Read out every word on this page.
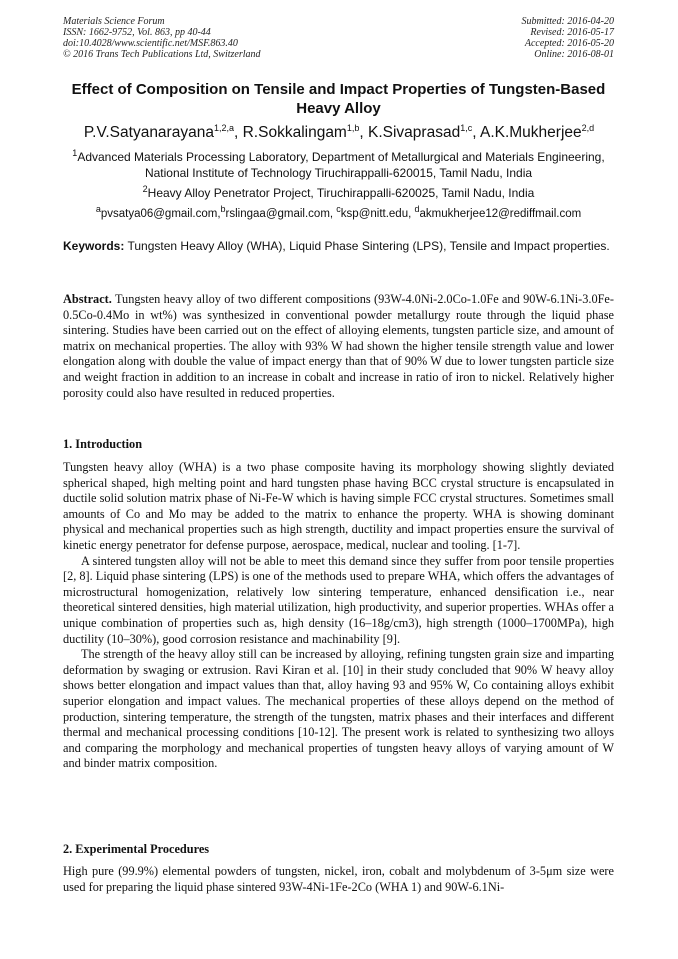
Materials Science Forum
ISSN: 1662-9752, Vol. 863, pp 40-44
doi:10.4028/www.scientific.net/MSF.863.40
© 2016 Trans Tech Publications Ltd, Switzerland
Submitted: 2016-04-20
Revised: 2016-05-17
Accepted: 2016-05-20
Online: 2016-08-01
Effect of Composition on Tensile and Impact Properties of Tungsten-Based Heavy Alloy
P.V.Satyanarayana$^{1,2,a}$, R.Sokkalingam$^{1,b}$, K.Sivaprasad$^{1,c}$, A.K.Mukherjee$^{2,d}$
$^1$Advanced Materials Processing Laboratory, Department of Metallurgical and Materials Engineering, National Institute of Technology Tiruchirappalli-620015, Tamil Nadu, India
$^2$Heavy Alloy Penetrator Project, Tiruchirappalli-620025, Tamil Nadu, India
$^a$pvsatya06@gmail.com,$^b$rslingaa@gmail.com, $^c$ksp@nitt.edu, $^d$akmukherjee12@rediffmail.com
Keywords: Tungsten Heavy Alloy (WHA), Liquid Phase Sintering (LPS), Tensile and Impact properties.

Abstract. Tungsten heavy alloy of two different compositions (93W-4.0Ni-2.0Co-1.0Fe and 90W-6.1Ni-3.0Fe-0.5Co-0.4Mo in wt%) was synthesized in conventional powder metallurgy route through the liquid phase sintering. Studies have been carried out on the effect of alloying elements, tungsten particle size, and amount of matrix on mechanical properties. The alloy with 93% W had shown the higher tensile strength value and lower elongation along with double the value of impact energy than that of 90% W due to lower tungsten particle size and weight fraction in addition to an increase in cobalt and increase in ratio of iron to nickel. Relatively higher porosity could also have resulted in reduced properties.

1. Introduction

Tungsten heavy alloy (WHA) is a two phase composite having its morphology showing slightly deviated spherical shaped, high melting point and hard tungsten phase having BCC crystal structure is encapsulated in ductile solid solution matrix phase of Ni-Fe-W which is having simple FCC crystal structures. Sometimes small amounts of Co and Mo may be added to the matrix to enhance the property. WHA is showing dominant physical and mechanical properties such as high strength, ductility and impact properties ensure the survival of kinetic energy penetrator for defense purpose, aerospace, medical, nuclear and tooling. [1-7].

A sintered tungsten alloy will not be able to meet this demand since they suffer from poor tensile properties [2, 8]. Liquid phase sintering (LPS) is one of the methods used to prepare WHA, which offers the advantages of microstructural homogenization, relatively low sintering temperature, enhanced densification i.e., near theoretical sintered densities, high material utilization, high productivity, and superior properties. WHAs offer a unique combination of properties such as, high density (16–18g/cm3), high strength (1000–1700MPa), high ductility (10–30%), good corrosion resistance and machinability [9].

The strength of the heavy alloy still can be increased by alloying, refining tungsten grain size and imparting deformation by swaging or extrusion. Ravi Kiran et al. [10] in their study concluded that 90% W heavy alloy shows better elongation and impact values than that, alloy having 93 and 95% W, Co containing alloys exhibit superior elongation and impact values. The mechanical properties of these alloys depend on the method of production, sintering temperature, the strength of the tungsten, matrix phases and their interfaces and different thermal and mechanical processing conditions [10-12]. The present work is related to synthesizing two alloys and comparing the morphology and mechanical properties of tungsten heavy alloys of varying amount of W and binder matrix composition.

2. Experimental Procedures

High pure (99.9%) elemental powders of tungsten, nickel, iron, cobalt and molybdenum of 3-5μm size were used for preparing the liquid phase sintered 93W-4Ni-1Fe-2Co (WHA 1) and 90W-6.1Ni-
